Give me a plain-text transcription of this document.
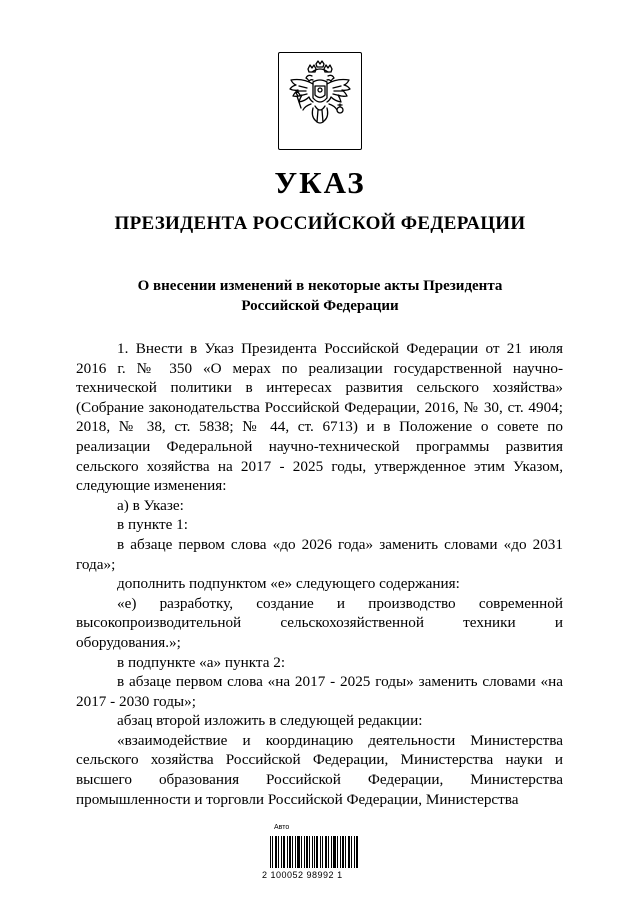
УКАЗ
ПРЕЗИДЕНТА РОССИЙСКОЙ ФЕДЕРАЦИИ
О внесении изменений в некоторые акты Президента
Российской Федерации

1. Внести в Указ Президента Российской Федерации от 21 июля 2016 г. № 350 «О мерах по реализации государственной научно-технической политики в интересах развития сельского хозяйства» (Собрание законодательства Российской Федерации, 2016, № 30, ст. 4904; 2018, № 38, ст. 5838; № 44, ст. 6713) и в Положение о совете по реализации Федеральной научно-технической программы развития сельского хозяйства на 2017 - 2025 годы, утвержденное этим Указом, следующие изменения:

а) в Указе:

в пункте 1:

в абзаце первом слова «до 2026 года» заменить словами «до 2031 года»;

дополнить подпунктом «е» следующего содержания:

«е) разработку, создание и производство современной высокопроизводительной сельскохозяйственной техники и оборудования.»;

в подпункте «а» пункта 2:

в абзаце первом слова «на 2017 - 2025 годы» заменить словами «на 2017 - 2030 годы»;

абзац второй изложить в следующей редакции:

«взаимодействие и координацию деятельности Министерства сельского хозяйства Российской Федерации, Министерства науки и высшего образования Российской Федерации, Министерства промышленности и торговли Российской Федерации, Министерства

Авто
2 100052 98992 1
